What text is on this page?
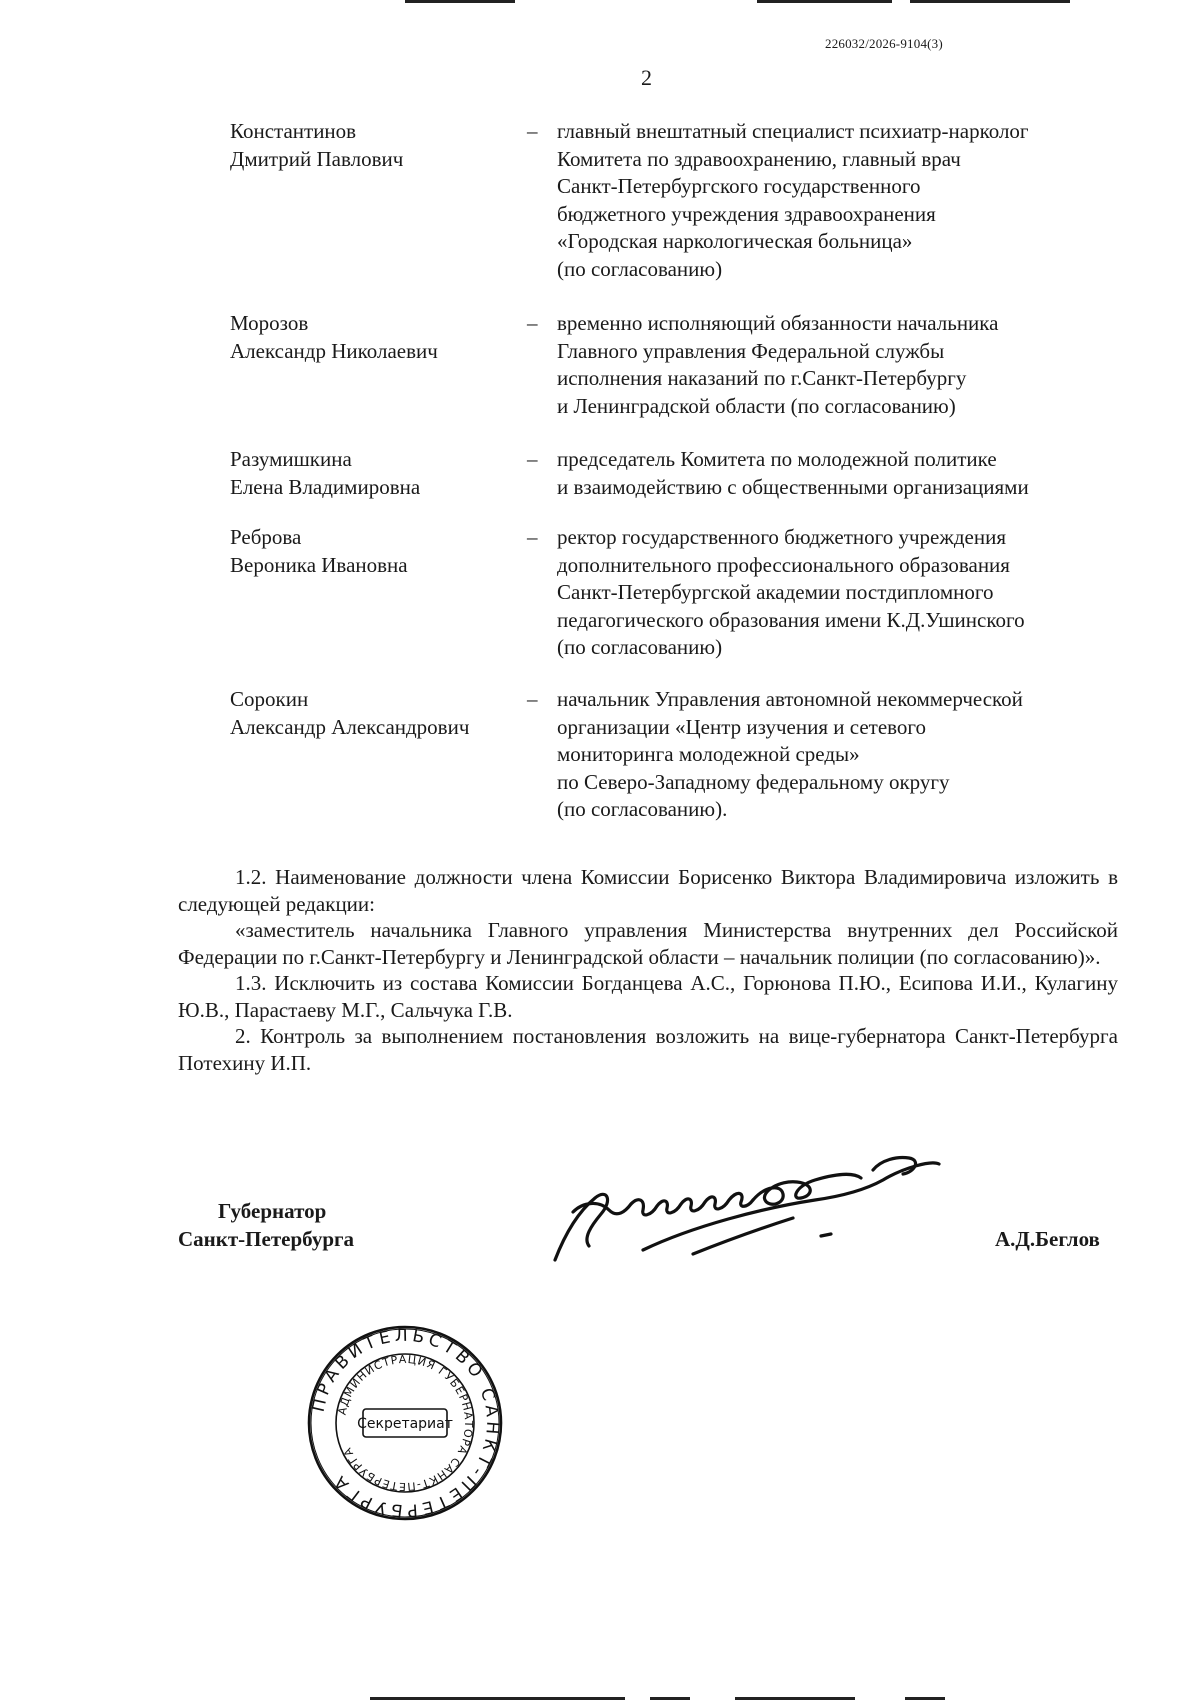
226032/2026-9104(3)
2
Константинов
Дмитрий Павлович
– главный внештатный специалист психиатр-нарколог
Комитета по здравоохранению, главный врач
Санкт-Петербургского государственного
бюджетного учреждения здравоохранения
«Городская наркологическая больница»
(по согласованию)
Морозов
Александр Николаевич
– временно исполняющий обязанности начальника
Главного управления Федеральной службы
исполнения наказаний по г.Санкт-Петербургу
и Ленинградской области (по согласованию)
Разумишкина
Елена Владимировна
– председатель Комитета по молодежной политике
и взаимодействию с общественными организациями
Реброва
Вероника Ивановна
– ректор государственного бюджетного учреждения
дополнительного профессионального образования
Санкт-Петербургской академии постдипломного
педагогического образования имени К.Д.Ушинского
(по согласованию)
Сорокин
Александр Александрович
– начальник Управления автономной некоммерческой
организации «Центр изучения и сетевого
мониторинга молодежной среды»
по Северо-Западному федеральному округу
(по согласованию).

1.2. Наименование должности члена Комиссии Борисенко Виктора Владимировича изложить в следующей редакции:

«заместитель начальника Главного управления Министерства внутренних дел Российской Федерации по г.Санкт-Петербургу и Ленинградской области – начальник полиции (по согласованию)».

1.3. Исключить из состава Комиссии Богданцева А.С., Горюнова П.Ю., Есипова И.И., Кулагину Ю.В., Парастаеву М.Г., Сальчука Г.В.

2. Контроль за выполнением постановления возложить на вице-губернатора Санкт-Петербурга Потехину И.П.

Губернатор
Санкт-Петербурга	А.Д.Беглов
ПРАВИТЕЛЬСТВО САНКТ-ПЕТЕРБУРГА
АДМИНИСТРАЦИЯ ГУБЕРНАТОРА САНКТ-ПЕТЕРБУРГА
Секретариат
